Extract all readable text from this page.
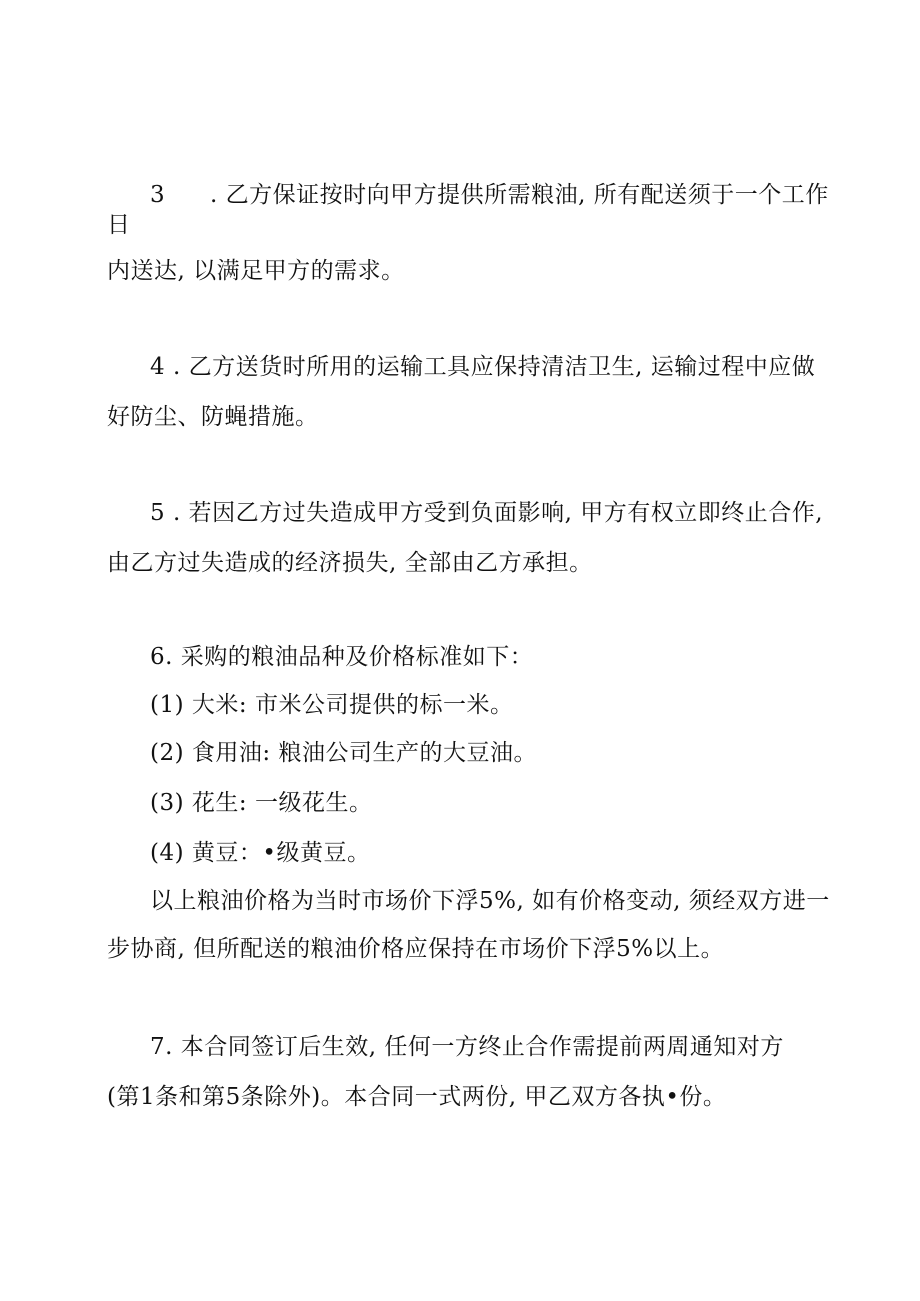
3 . 乙方保证按时向甲方提供所需粮油, 所有配送须于一个工作
日
内送达, 以满足甲方的需求。
4 . 乙方送货时所用的运输工具应保持清洁卫生, 运输过程中应做
好防尘、防蝇措施。
5 . 若因乙方过失造成甲方受到负面影响, 甲方有权立即终止合作,
由乙方过失造成的经济损失, 全部由乙方承担。
6. 采购的粮油品种及价格标准如下：
(1) 大米: 市米公司提供的标一米。
(2) 食用油: 粮油公司生产的大豆油。
(3) 花生: 一级花生。
(4) 黄豆：•级黄豆。
以上粮油价格为当时市场价下浮5%, 如有价格变动, 须经双方进一
步协商, 但所配送的粮油价格应保持在市场价下浮5%以上。
7. 本合同签订后生效, 任何一方终止合作需提前两周通知对方
(第1条和第5条除外)。本合同一式两份, 甲乙双方各执•份。
